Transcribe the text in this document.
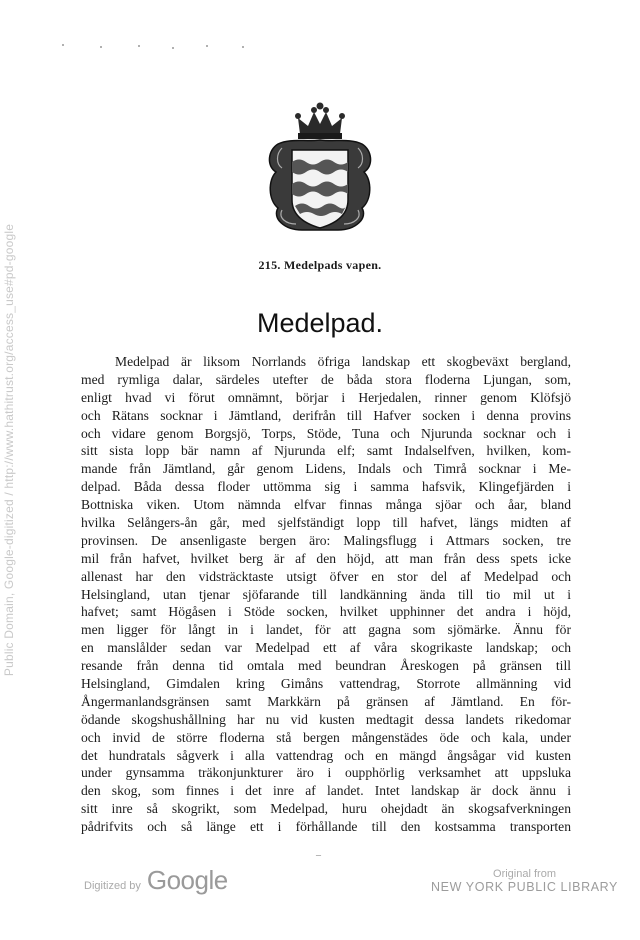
Public Domain, Google-digitized / http://www.hathitrust.org/access_use#pd-google	215. Medelpads vapen.
Medelpad.
Medelpad är liksom Norrlands öfriga landskap ett skogbeväxt bergland,
med rymliga dalar, särdeles utefter de båda stora floderna Ljungan, som,
enligt hvad vi förut omnämnt, börjar i Herjedalen, rinner genom Klöfsjö
och Rätans socknar i Jämtland, derifrån till Hafver socken i denna provins
och vidare genom Borgsjö, Torps, Stöde, Tuna och Njurunda socknar och i
sitt sista lopp bär namn af Njurunda elf; samt Indalselfven, hvilken, kom-
mande från Jämtland, går genom Lidens, Indals och Timrå socknar i Me-
delpad. Båda dessa floder uttömma sig i samma hafsvik, Klingefjärden i
Bottniska viken. Utom nämnda elfvar finnas många sjöar och åar, bland
hvilka Selångers-ån går, med sjelfständigt lopp till hafvet, längs midten af
provinsen. De ansenligaste bergen äro: Malingsflugg i Attmars socken, tre
mil från hafvet, hvilket berg är af den höjd, att man från dess spets icke
allenast har den vidsträcktaste utsigt öfver en stor del af Medelpad och
Helsingland, utan tjenar sjöfarande till landkänning ända till tio mil ut i
hafvet; samt Högåsen i Stöde socken, hvilket upphinner det andra i höjd,
men ligger för långt in i landet, för att gagna som sjömärke. Ännu för
en manslålder sedan var Medelpad ett af våra skogrikaste landskap; och
resande från denna tid omtala med beundran Åreskogen på gränsen till
Helsingland, Gimdalen kring Gimåns vattendrag, Storrote allmänning vid
Ångermanlandsgränsen samt Markkärn på gränsen af Jämtland. En för-
ödande skogshushållning har nu vid kusten medtagit dessa landets rikedomar
och invid de större floderna stå bergen mångenstädes öde och kala, under
det hundratals sågverk i alla vattendrag och en mängd ångsågar vid kusten
under gynsamma träkonjunkturer äro i oupphörlig verksamhet att uppsluka
den skog, som finnes i det inre af landet. Intet landskap är dock ännu i
sitt inre så skogrikt, som Medelpad, huru ohejdadt än skogsafverkningen
pådrifvits och så länge ett i förhållande till den kostsamma transporten
–
Digitized by Google	Original from
NEW YORK PUBLIC LIBRARY
